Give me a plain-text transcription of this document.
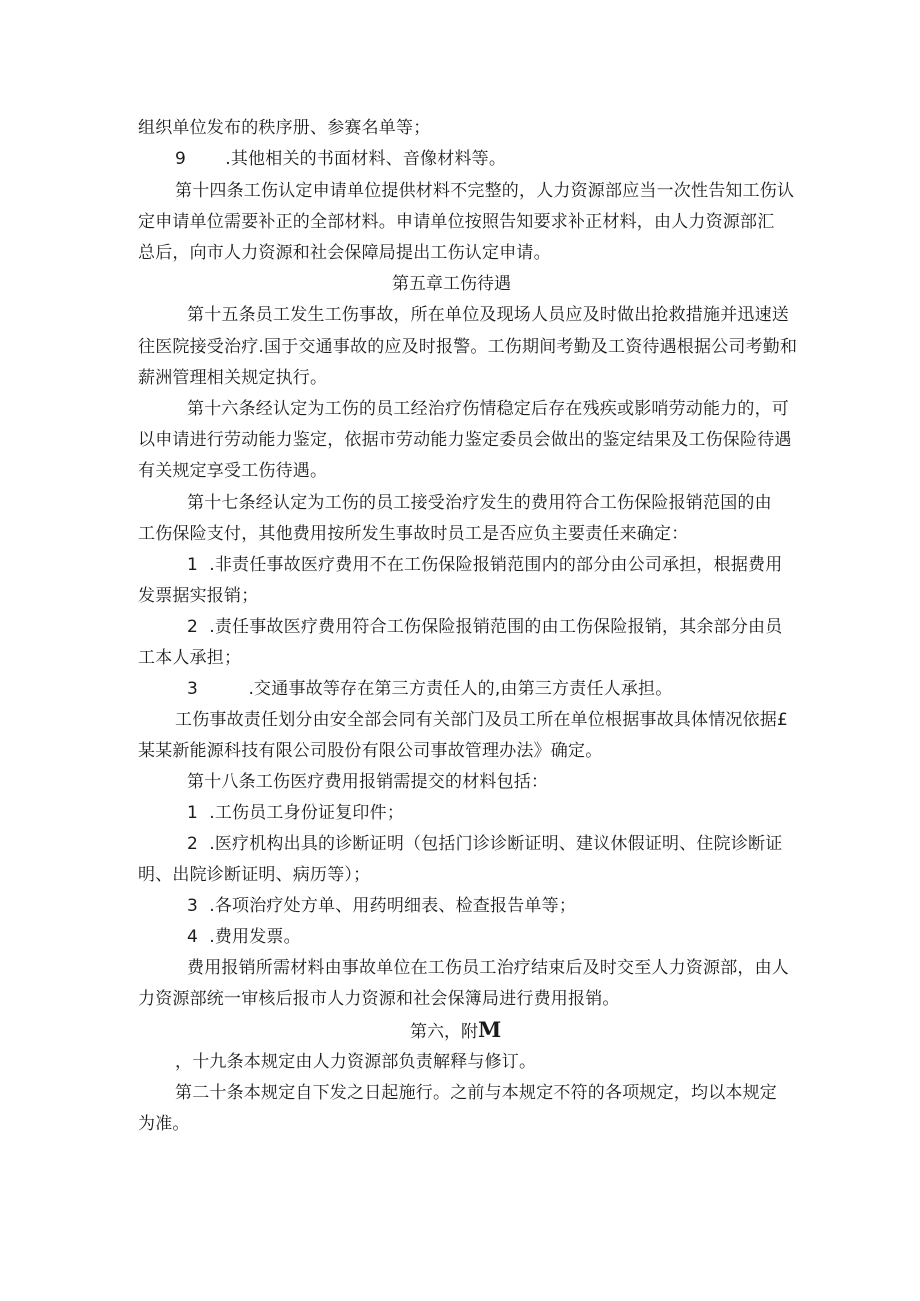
组织单位发布的秩序册、参赛名单等；
9       .其他相关的书面材料、音像材料等。
第十四条工伤认定申请单位提供材料不完整的，人力资源部应当一次性告知工伤认
定申请单位需要补正的全部材料。申请单位按照告知要求补正材料，由人力资源部汇
总后，向市人力资源和社会保障局提出工伤认定申请。
第五章工伤待遇
第十五条员工发生工伤事故，所在单位及现场人员应及时做出抢救措施并迅速送
往医院接受治疗.国于交通事故的应及时报警。工伤期间考勤及工资待遇根据公司考勤和
薪洲管理相关规定执行。
第十六条经认定为工伤的员工经治疗伤情稳定后存在残疾或影哨劳动能力的，可
以申请进行劳动能力鉴定，依据市劳动能力鉴定委员会做出的鉴定结果及工伤保险待遇
有关规定享受工伤待遇。
第十七条经认定为工伤的员工接受治疗发生的费用符合工伤保险报销范国的由
工伤保险支付，其他费用按所发生事故时员工是否应负主要责任来确定：
1  .非责任事故医疗费用不在工伤保险报销范围内的部分由公司承担，根据费用
发票据实报销；
2  .责任事故医疗费用符合工伤保险报销范围的由工伤保险报销，其余部分由员
工本人承担；
3         .交通事故等存在第三方责任人的,由第三方责任人承担。
工伤事故责任划分由安全部会同有关部门及员工所在单位根据事故具体情况依据£
某某新能源科技有限公司股份有限公司事故管理办法》确定。
第十八条工伤医疗费用报销需提交的材料包括：
1  .工伤员工身份证复印件；
2  .医疗机构出具的诊断证明（包括门诊诊断证明、建议休假证明、住院诊断证
明、出院诊断证明、病历等）；
3  .各项治疗处方单、用药明细表、检查报告单等；
4  .费用发票。
费用报销所需材料由事故单位在工伤员工治疗结束后及时交至人力资源部，由人
力资源部统一审核后报市人力资源和社会保簿局进行费用报销。
第六，附M
，十九条本规定由人力资源部负责解释与修订。
第二十条本规定自下发之日起施行。之前与本规定不符的各项规定，均以本规定
为准。
